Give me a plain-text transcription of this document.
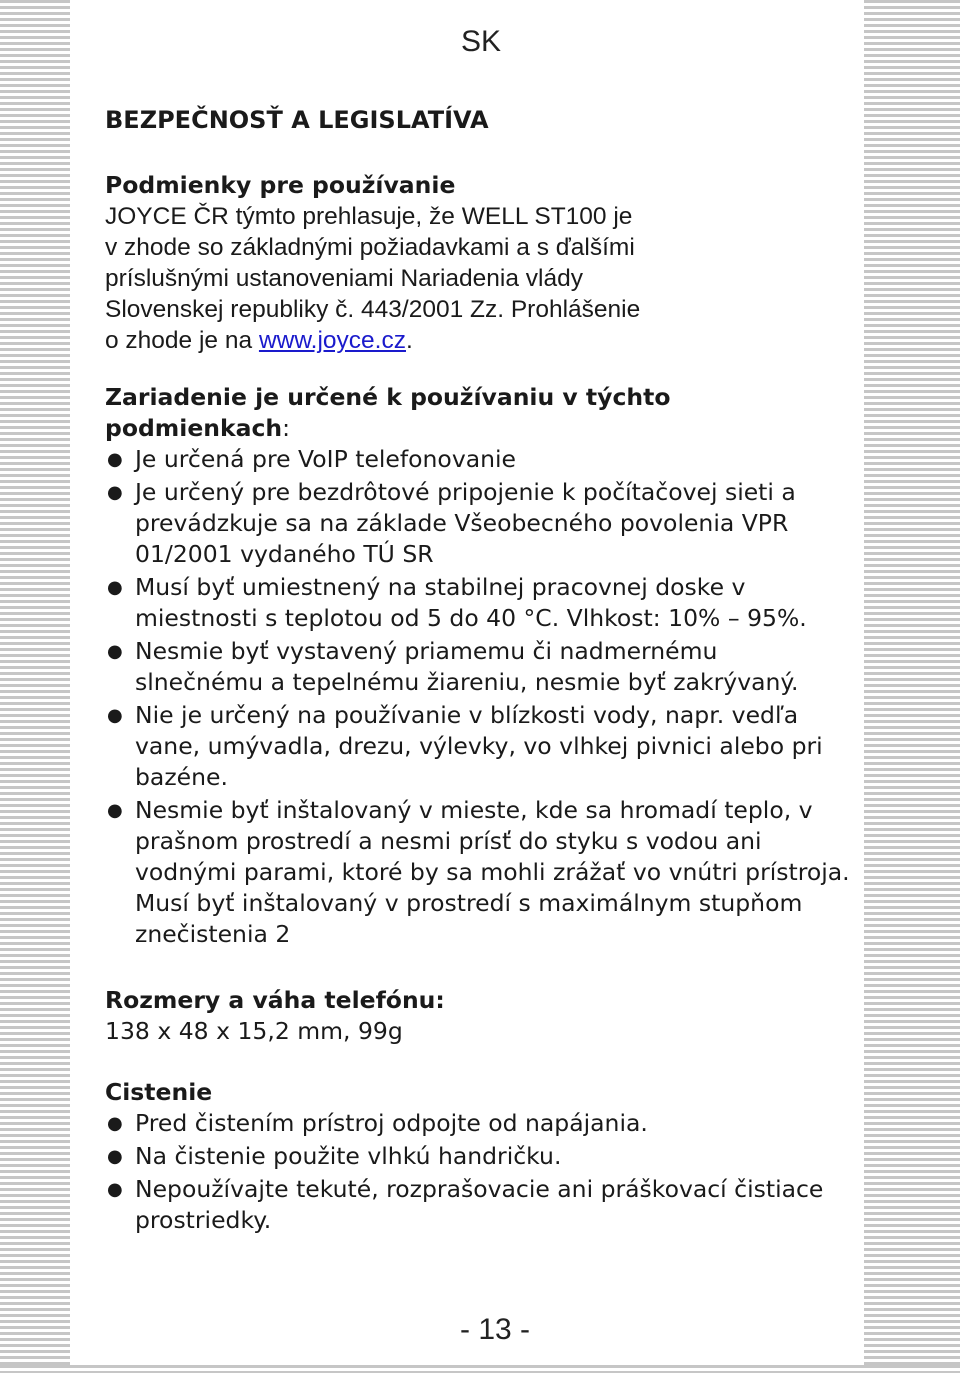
SK
BEZPEČNOSŤ A LEGISLATÍVA
Podmienky pre používanie

JOYCE ČR týmto prehlasuje, že WELL ST100 je

v zhode so základnými požiadavkami a s ďalšími

príslušnými ustanoveniami Nariadenia vlády

Slovenskej republiky č. 443/2001 Zz. Prohlášenie

o zhode je na www.joyce.cz.

Zariadenie je určené k používaniu v týchto podmienkach:
● Je určená pre VoIP telefonovanie
● Je určený pre bezdrôtové pripojenie k počítačovej sieti a prevádzkuje sa na základe Všeobecného povolenia VPR 01/2001 vydaného TÚ SR
● Musí byť umiestnený na stabilnej pracovnej doske v miestnosti s teplotou od 5 do 40 °C. Vlhkost: 10% – 95%.
● Nesmie byť vystavený priamemu či nadmernému slnečnému a tepelnému žiareniu, nesmie byť zakrývaný.
● Nie je určený na používanie v blízkosti vody, napr. vedľa vane, umývadla, drezu, výlevky, vo vlhkej pivnici alebo pri bazéne.
● Nesmie byť inštalovaný v mieste, kde sa hromadí teplo, v prašnom prostredí a nesmi prísť do styku s vodou ani vodnými parami, ktoré by sa mohli zrážať vo vnútri prístroja. Musí byť inštalovaný v prostredí s maximálnym stupňom znečistenia 2
Rozmery a váha telefónu:

138 x 48 x 15,2 mm, 99g

Cistenie
● Pred čistením prístroj odpojte od napájania.
● Na čistenie použite vlhkú handričku.
● Nepoužívajte tekuté, rozprašovacie ani práškovací čistiace prostriedky.
- 13 -
